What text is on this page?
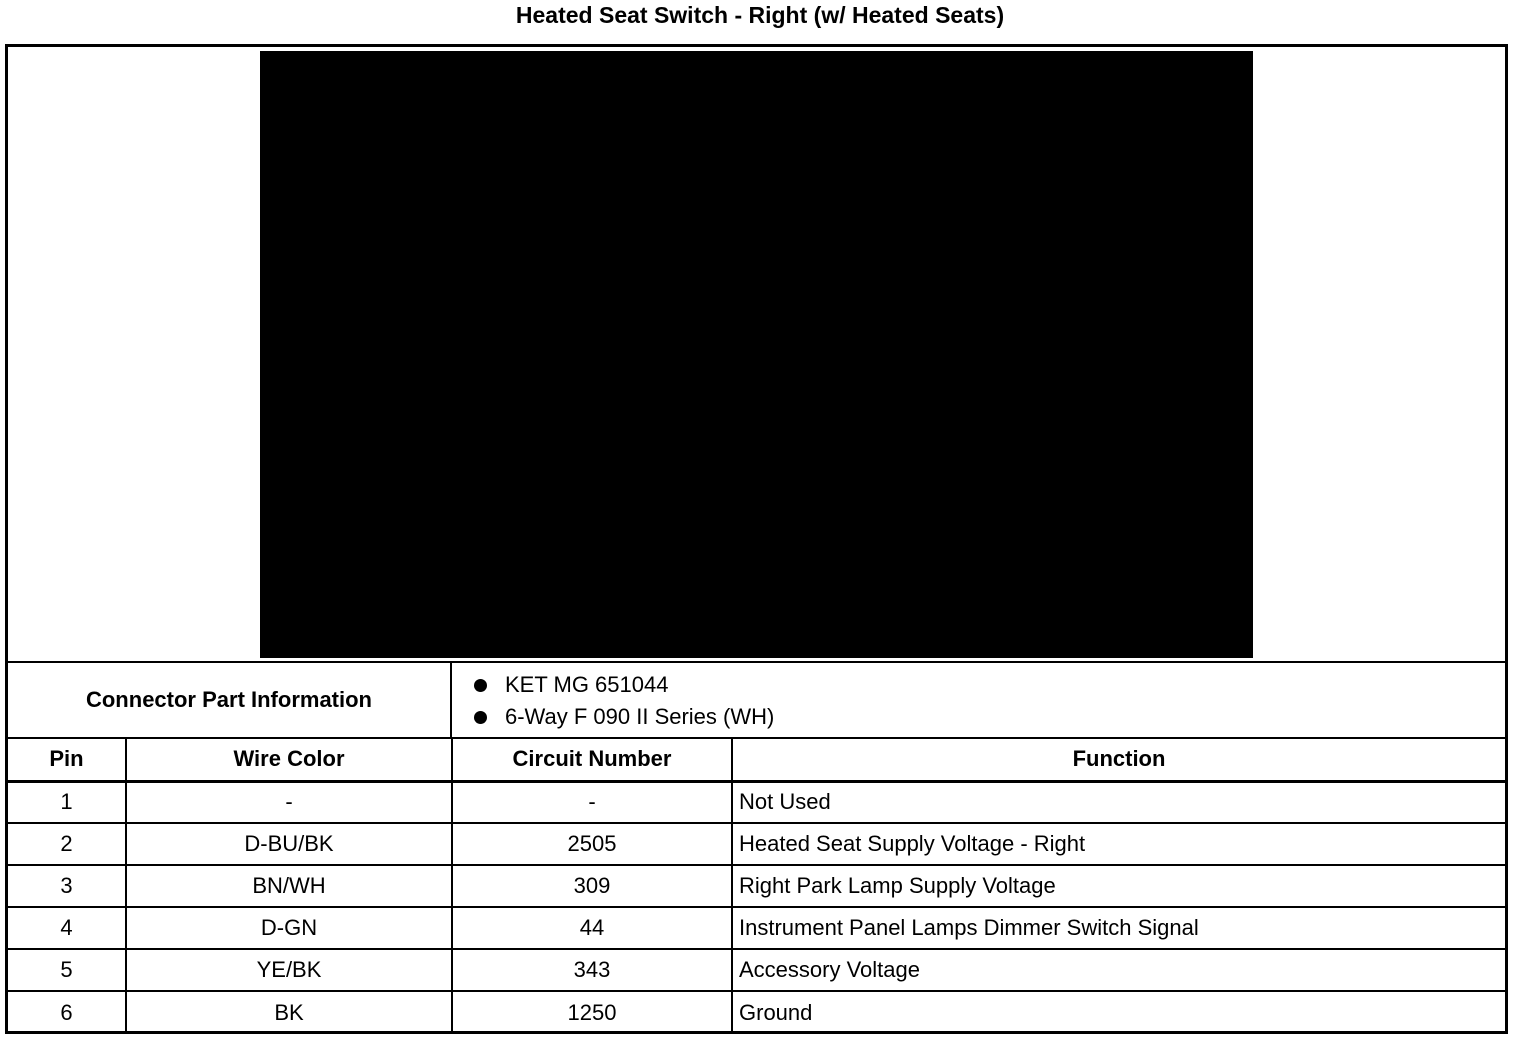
Heated Seat Switch - Right (w/ Heated Seats)
Connector Part Information
KET MG 651044
6-Way F 090 II Series (WH)
Pin	Wire Color	Circuit Number	Function
1	-	-	Not Used
2	D-BU/BK	2505	Heated Seat Supply Voltage - Right
3	BN/WH	309	Right Park Lamp Supply Voltage
4	D-GN	44	Instrument Panel Lamps Dimmer Switch Signal
5	YE/BK	343	Accessory Voltage
6	BK	1250	Ground
